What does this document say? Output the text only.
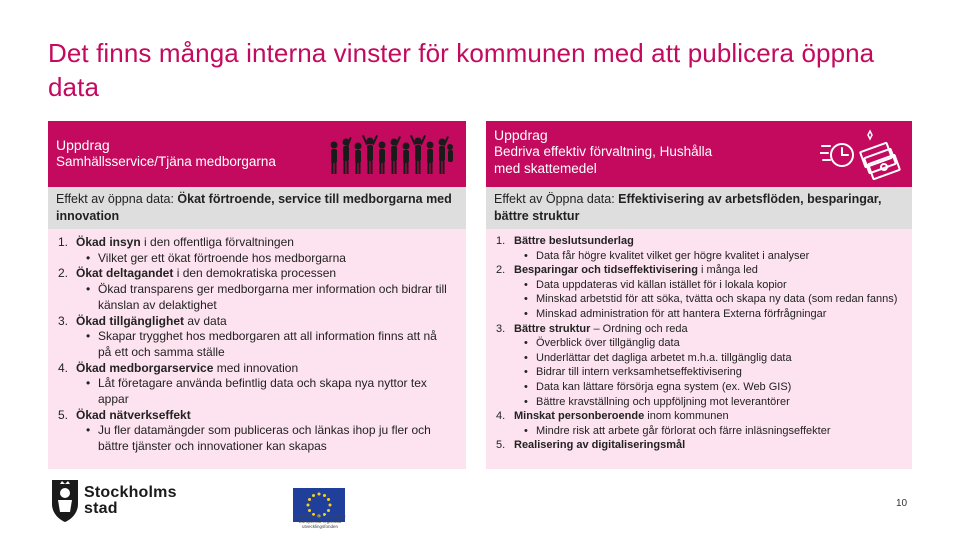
Det finns många interna vinster för kommunen med att publicera öppna data
Uppdrag
Samhällsservice/Tjäna medborgarna
Effekt av öppna data: Ökat förtroende, service till medborgarna med innovation
1. Ökad insyn i den offentliga förvaltningen
• Vilket ger ett ökat förtroende hos medborgarna
2. Ökat deltagandet i den demokratiska processen
• Ökad transparens ger medborgarna mer information och bidrar till känslan av delaktighet
3. Ökad tillgänglighet av data
• Skapar trygghet hos medborgaren att all information finns att nå på ett och samma ställe
4. Ökad medborgarservice med innovation
• Låt företagare använda befintlig data och skapa nya nyttor tex appar
5. Ökad nätverkseffekt
• Ju fler datamängder som publiceras och länkas ihop ju fler och bättre tjänster och innovationer kan skapas
Uppdrag
Bedriva effektiv förvaltning, Hushålla med skattemedel
Effekt av Öppna data: Effektivisering av arbetsflöden, besparingar, bättre struktur
1. Bättre beslutsunderlag
• Data får högre kvalitet vilket ger högre kvalitet i analyser
2. Besparingar och tidseffektivisering i många led
• Data uppdateras vid källan istället för i lokala kopior
• Minskad arbetstid för att söka, tvätta och skapa ny data (som redan fanns)
• Minskad administration för att hantera Externa förfrågningar
3. Bättre struktur – Ordning och reda
• Överblick över tillgänglig data
• Underlättar det dagliga arbetet m.h.a. tillgänglig data
• Bidrar till intern verksamhetseffektivisering
• Data kan lättare försörja egna system (ex. Web GIS)
• Bättre kravställning och uppföljning mot leverantörer
4. Minskat personberoende inom kommunen
• Mindre risk att arbete går förlorat och färre inläsningseffekter
5. Realisering av digitaliseringsmål
Stockholms
stad	EUROPEISKA UNIONEN Europeiska regionala utvecklingsfonden
10
